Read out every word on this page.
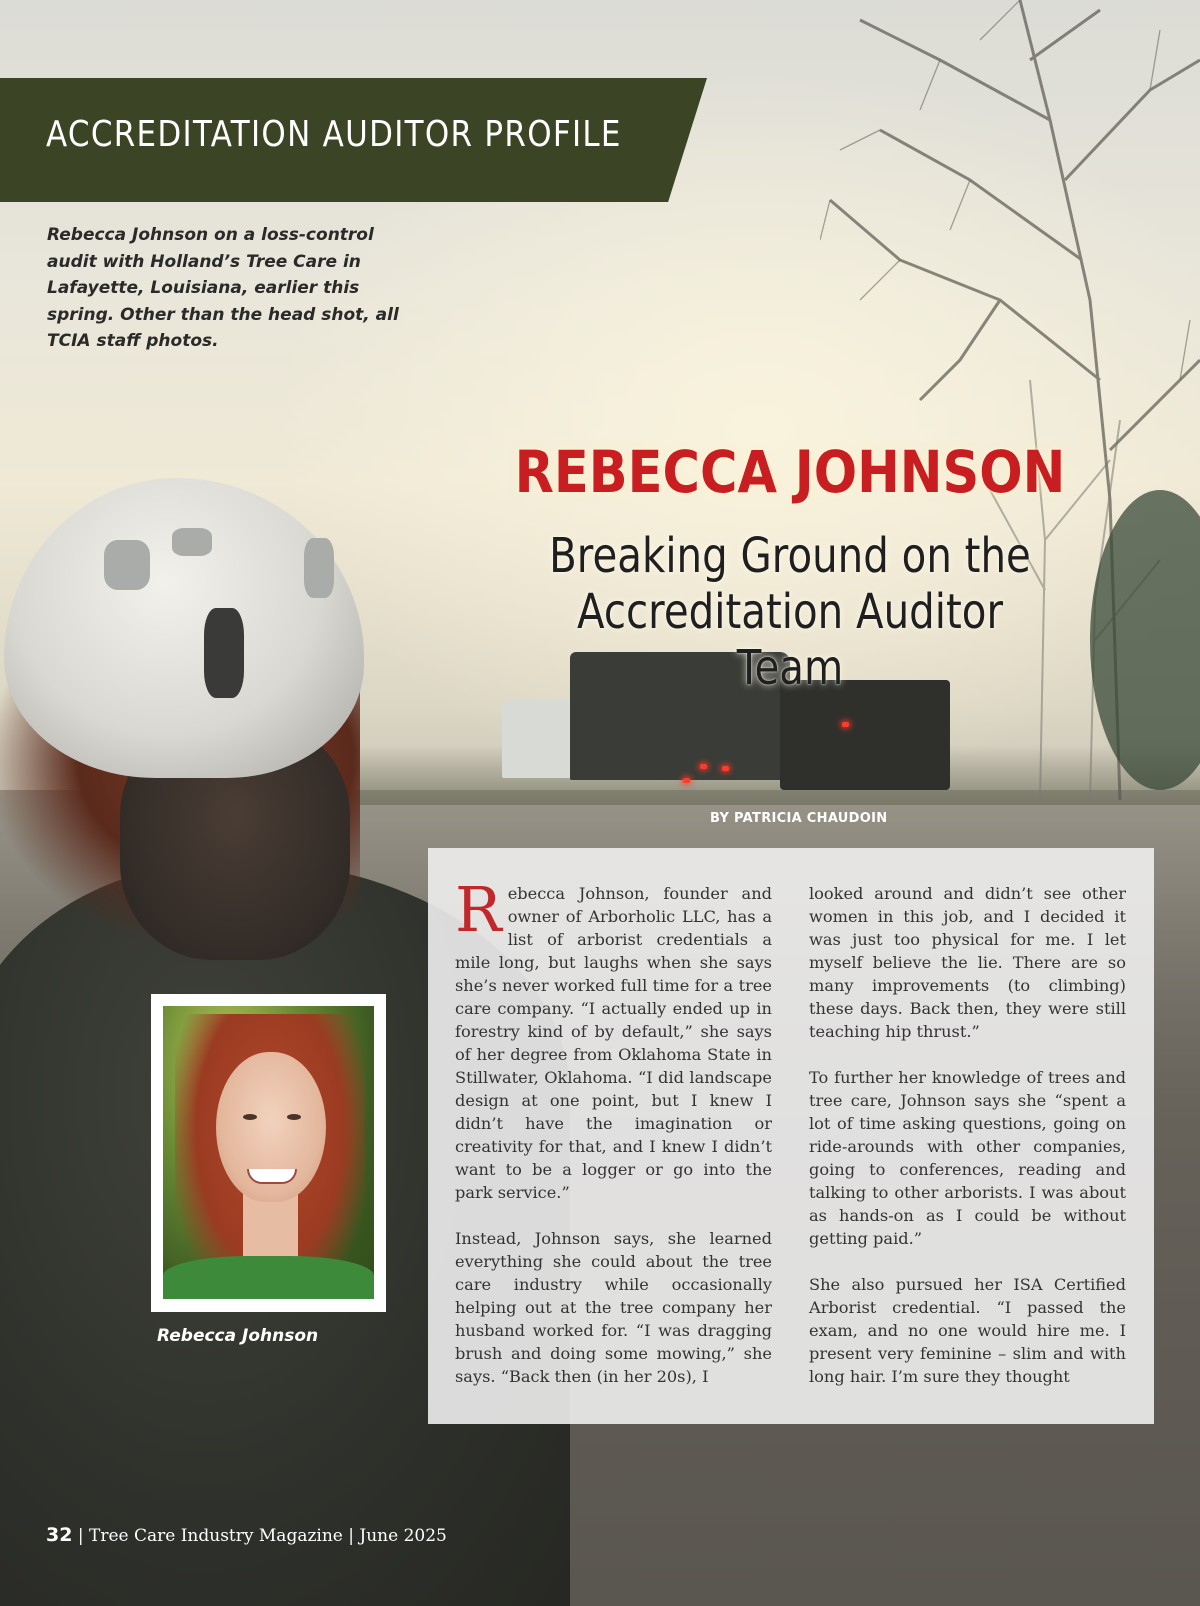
ACCREDITATION AUDITOR PROFILE
Rebecca Johnson on a loss-control audit with Holland’s Tree Care in Lafayette, Louisiana, earlier this spring. Other than the head shot, all TCIA staff photos.
REBECCA JOHNSON
Breaking Ground on the
Accreditation Auditor Team
BY PATRICIA CHAUDOIN

Rebecca Johnson, founder and owner of Arborholic LLC, has a list of arborist credentials a mile long, but laughs when she says she’s never worked full time for a tree care company. “I actually ended up in forestry kind of by default,” she says of her degree from Oklahoma State in Stillwater, Oklahoma. “I did landscape design at one point, but I knew I didn’t have the imagination or creativity for that, and I knew I didn’t want to be a logger or go into the park service.”

Instead, Johnson says, she learned everything she could about the tree care industry while occasionally helping out at the tree company her husband worked for. “I was dragging brush and doing some mowing,” she says. “Back then (in her 20s), I

looked around and didn’t see other women in this job, and I decided it was just too physical for me. I let myself believe the lie. There are so many improvements (to climbing) these days. Back then, they were still teaching hip thrust.”

To further her knowledge of trees and tree care, Johnson says she “spent a lot of time asking questions, going on ride-arounds with other companies, going to conferences, reading and talking to other arborists. I was about as hands-on as I could be without getting paid.”

She also pursued her ISA Certified Arborist credential. “I passed the exam, and no one would hire me. I present very feminine – slim and with long hair. I’m sure they thought

Rebecca Johnson
32 | Tree Care Industry Magazine | June 2025
